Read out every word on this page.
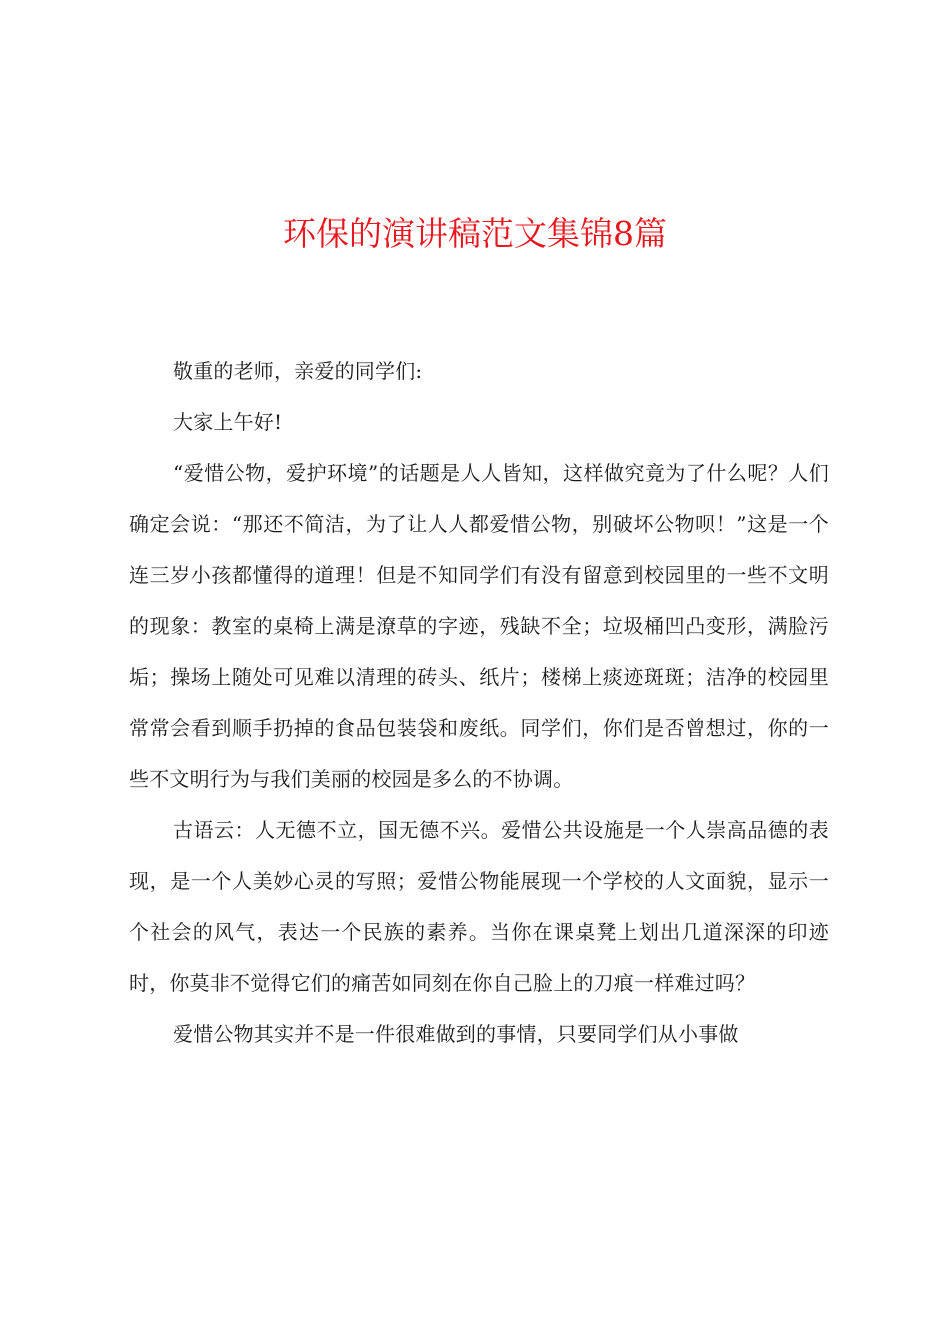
环保的演讲稿范文集锦8篇

敬重的老师，亲爱的同学们:

大家上午好!

“爱惜公物，爱护环境”的话题是人人皆知，这样做究竟为了什么呢？人们确定会说：“那还不简洁，为了让人人都爱惜公物，别破坏公物呗！”这是一个连三岁小孩都懂得的道理！但是不知同学们有没有留意到校园里的一些不文明的现象：教室的桌椅上满是潦草的字迹，残缺不全；垃圾桶凹凸变形，满脸污垢；操场上随处可见难以清理的砖头、纸片；楼梯上痰迹斑斑；洁净的校园里常常会看到顺手扔掉的食品包装袋和废纸。同学们，你们是否曾想过，你的一些不文明行为与我们美丽的校园是多么的不协调。

古语云：人无德不立，国无德不兴。爱惜公共设施是一个人崇高品德的表现，是一个人美妙心灵的写照；爱惜公物能展现一个学校的人文面貌，显示一个社会的风气，表达一个民族的素养。当你在课桌凳上划出几道深深的印迹时，你莫非不觉得它们的痛苦如同刻在你自己脸上的刀痕一样难过吗？

爱惜公物其实并不是一件很难做到的事情，只要同学们从小事做
